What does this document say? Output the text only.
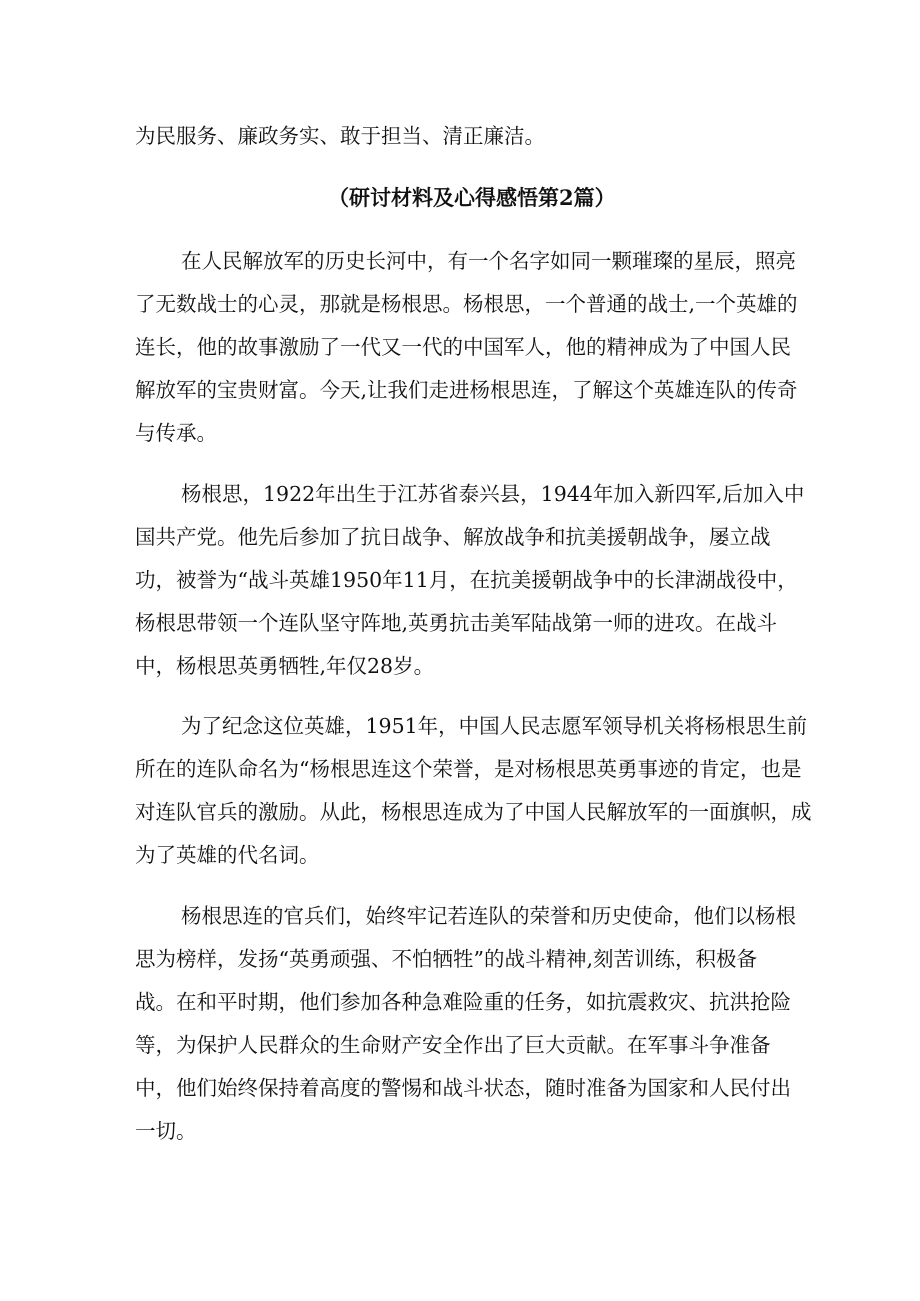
为民服务、廉政务实、敢于担当、清正廉洁。
（研讨材料及心得感悟第2篇）
在人民解放军的历史长河中，有一个名字如同一颗璀璨的星辰，照亮
了无数战士的心灵，那就是杨根思。杨根思，一个普通的战士,一个英雄的
连长，他的故事激励了一代又一代的中国军人，他的精神成为了中国人民
解放军的宝贵财富。今天,让我们走进杨根思连，了解这个英雄连队的传奇
与传承。
杨根思，1922年出生于江苏省泰兴县，1944年加入新四军,后加入中
国共产党。他先后参加了抗日战争、解放战争和抗美援朝战争，屡立战
功，被誉为“战斗英雄1950年11月，在抗美援朝战争中的长津湖战役中，
杨根思带领一个连队坚守阵地,英勇抗击美军陆战第一师的进攻。在战斗
中，杨根思英勇牺牲,年仅28岁。
为了纪念这位英雄，1951年，中国人民志愿军领导机关将杨根思生前
所在的连队命名为“杨根思连这个荣誉，是对杨根思英勇事迹的肯定，也是
对连队官兵的激励。从此，杨根思连成为了中国人民解放军的一面旗帜，成
为了英雄的代名词。
杨根思连的官兵们，始终牢记若连队的荣誉和历史使命，他们以杨根
思为榜样，发扬“英勇顽强、不怕牺牲”的战斗精神,刻苦训练，积极备
战。在和平时期，他们参加各种急难险重的任务，如抗震救灾、抗洪抢险
等，为保护人民群众的生命财产安全作出了巨大贡献。在军事斗争准备
中，他们始终保持着高度的警惕和战斗状态，随时准备为国家和人民付出
一切。
